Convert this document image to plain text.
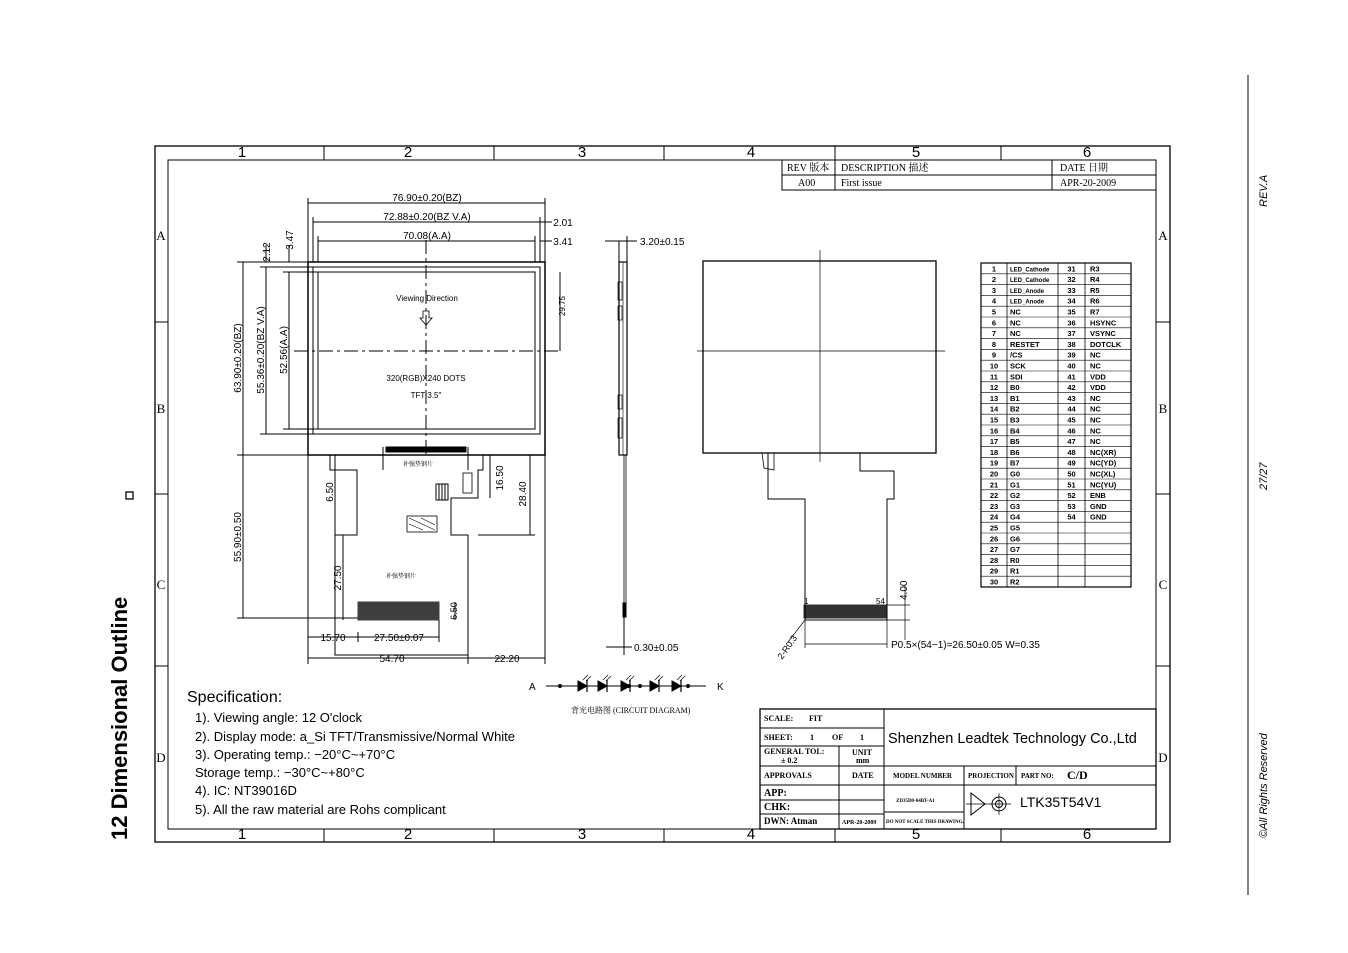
12 Dimensional Outline
REV.A
27/27
©All Rights Reserved
1
1
2
2
3
3
4
4
5
5
6
6
A	A
B	B
C	C
D	D
REV 版本 DESCRIPTION 描述	DATE 日期
A00	First issue	APR-20-2009
76.90±0.20(BZ)
72.88±0.20(BZ V.A)
70.08(A.A)
2.01
3.41
2.12
3.47
63.90±0.20(BZ) 55.36±0.20(BZ V.A) 52.56(A.A)
29.75
55.90±0.50
6.50
16.50
28.40
27.50
6.50
15.70	27.50±0.07
54.70	22.20
Viewing Direction
320(RGB)X240 DOTS
TFT 3.5"
补强垫钢片
补强垫钢片
3.20±0.15
0.30±0.05
1	54
4.00
2-R0.3	P0.5×(54−1)=26.50±0.05 W=0.35
1 LED_Cathode 31 R3
2 LED_Cathode 32 R4
3 LED_Anode	33 R5
4 LED_Anode	34 R6
5 NC	35 R7
6 NC	36 HSYNC
7 NC	37 VSYNC
8 RESTET	38 DOTCLK
9 /CS	39 NC
10 SCK	40 NC
11 SDI	41 VDD
12 B0	42 VDD
13 B1	43 NC
14 B2	44 NC
15 B3	45 NC
16 B4	46 NC
17 B5	47 NC
18 B6	48 NC(XR)
19 B7	49 NC(YD)
20 G0	50 NC(XL)
21 G1	51 NC(YU)
22 G2	52 ENB
23 G3	53 GND
24 G4	54 GND
25 G5
26 G6
27 G7
28 R0
29 R1
30 R2
A	K
背光电路图 (CIRCUIT DIAGRAM)
Specification:
1). Viewing angle: 12 O'clock
2). Display mode: a_Si TFT/Transmissive/Normal White
3). Operating temp.: −20°C~+70°C
Storage temp.: −30°C~+80°C
4). IC: NT39016D
5). All the raw material are Rohs complicant
SCALE: FIT
SHEET: 1 OF 1
GENERAL TOL:
± 0.2
UNIT
mm
APPROVALS	DATE	MODEL NUMBER PROJECTION PART NO: C/D
APP:
CHK:
DWN: Atman	APR-20-2009
ZD35D0-04BT-A1
DO NOT SCALE THIS DRAWING.
Shenzhen Leadtek Technology Co.,Ltd
LTK35T54V1
